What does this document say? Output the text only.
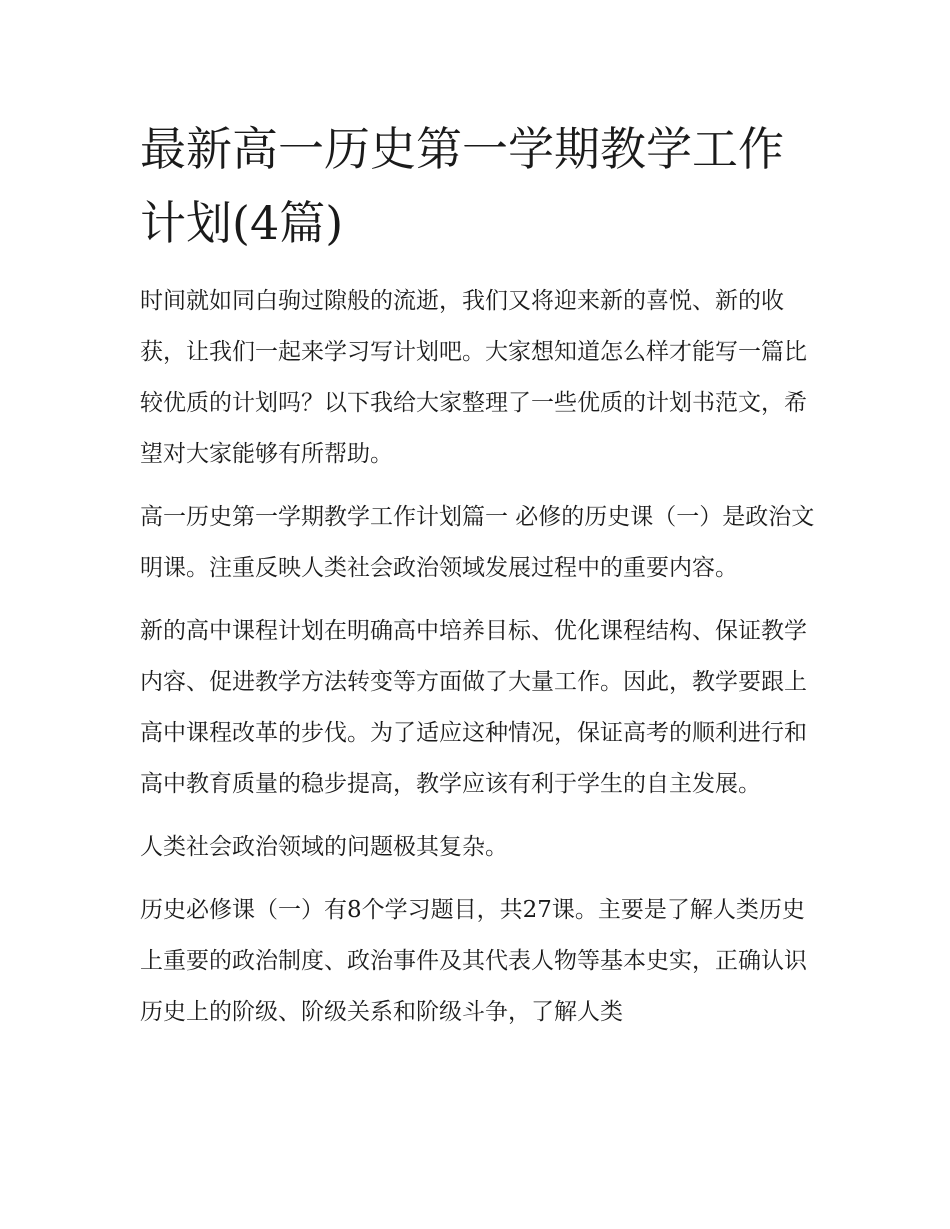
最新高一历史第一学期教学工作计划(4篇)

时间就如同白驹过隙般的流逝，我们又将迎来新的喜悦、新的收获，让我们一起来学习写计划吧。大家想知道怎么样才能写一篇比较优质的计划吗？以下我给大家整理了一些优质的计划书范文，希望对大家能够有所帮助。

高一历史第一学期教学工作计划篇一 必修的历史课（一）是政治文明课。注重反映人类社会政治领域发展过程中的重要内容。

新的高中课程计划在明确高中培养目标、优化课程结构、保证教学内容、促进教学方法转变等方面做了大量工作。因此，教学要跟上高中课程改革的步伐。为了适应这种情况，保证高考的顺利进行和高中教育质量的稳步提高，教学应该有利于学生的自主发展。

人类社会政治领域的问题极其复杂。

历史必修课（一）有8个学习题目，共27课。主要是了解人类历史上重要的政治制度、政治事件及其代表人物等基本史实，正确认识历史上的阶级、阶级关系和阶级斗争，了解人类
